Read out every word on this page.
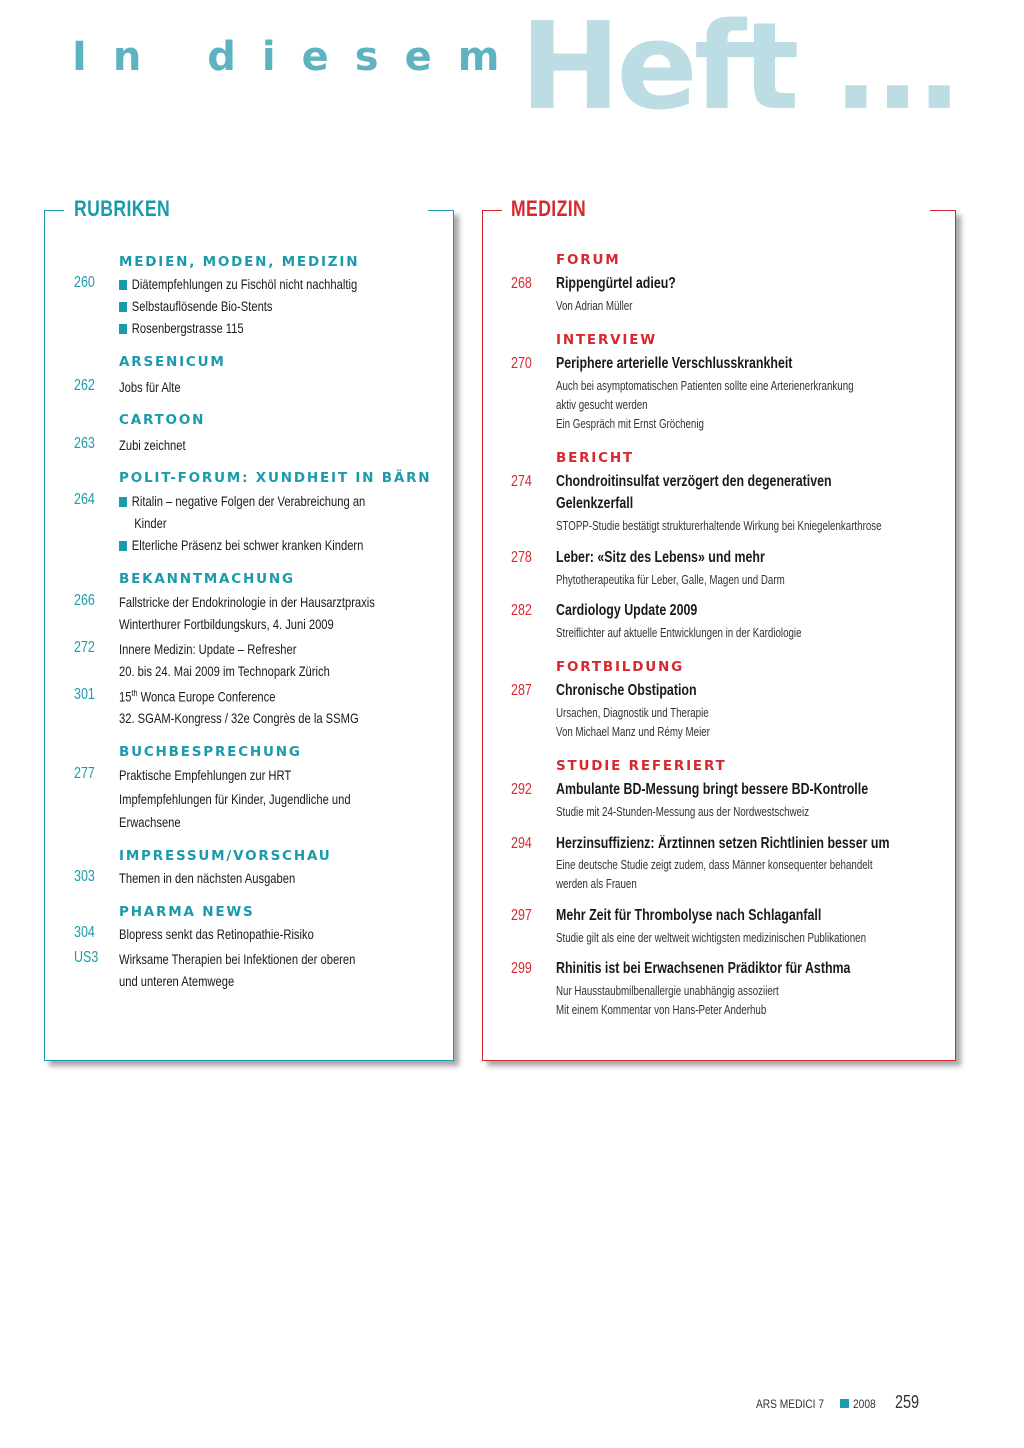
In diesem
Heft ...
RUBRIKEN	MEDIZIN
MEDIEN, MODEN, MEDIZIN
260	Diätempfehlungen zu Fischöl nicht nachhaltig
Selbstauflösende Bio-Stents
Rosenbergstrasse 115
ARSENICUM
262 Jobs für Alte
CARTOON
263 Zubi zeichnet
POLIT-FORUM: XUNDHEIT IN BÄRN
264	Ritalin – negative Folgen der Verabreichung an
Kinder
Elterliche Präsenz bei schwer kranken Kindern
BEKANNTMACHUNG
266 Fallstricke der Endokrinologie in der Hausarztpraxis
Winterthurer Fortbildungskurs, 4. Juni 2009
272 Innere Medizin: Update – Refresher
20. bis 24. Mai 2009 im Technopark Zürich
301 15th Wonca Europe Conference
32. SGAM-Kongress / 32e Congrès de la SSMG
BUCHBESPRECHUNG
277 Praktische Empfehlungen zur HRT
Impfempfehlungen für Kinder, Jugendliche und
Erwachsene
IMPRESSUM/VORSCHAU
303 Themen in den nächsten Ausgaben
PHARMA NEWS
304 Blopress senkt das Retinopathie-Risiko
US3 Wirksame Therapien bei Infektionen der oberen
und unteren Atemwege
FORUM
268 Rippengürtel adieu?
Von Adrian Müller
INTERVIEW
270 Periphere arterielle Verschlusskrankheit
Auch bei asymptomatischen Patienten sollte eine Arterienerkrankung
aktiv gesucht werden
Ein Gespräch mit Ernst Gröchenig
BERICHT
274 Chondroitinsulfat verzögert den degenerativen
Gelenkzerfall
STOPP-Studie bestätigt strukturerhaltende Wirkung bei Kniegelenkarthrose
278 Leber: «Sitz des Lebens» und mehr
Phytotherapeutika für Leber, Galle, Magen und Darm
282 Cardiology Update 2009
Streiflichter auf aktuelle Entwicklungen in der Kardiologie
FORTBILDUNG
287 Chronische Obstipation
Ursachen, Diagnostik und Therapie
Von Michael Manz und Rémy Meier
STUDIE REFERIERT
292 Ambulante BD-Messung bringt bessere BD-Kontrolle
Studie mit 24-Stunden-Messung aus der Nordwestschweiz
294 Herzinsuffizienz: Ärztinnen setzen Richtlinien besser um
Eine deutsche Studie zeigt zudem, dass Männer konsequenter behandelt
werden als Frauen
297 Mehr Zeit für Thrombolyse nach Schlaganfall
Studie gilt als eine der weltweit wichtigsten medizinischen Publikationen
299 Rhinitis ist bei Erwachsenen Prädiktor für Asthma
Nur Hausstaubmilbenallergie unabhängig assoziiert
Mit einem Kommentar von Hans-Peter Anderhub
ARS MEDICI 7 2008 259
